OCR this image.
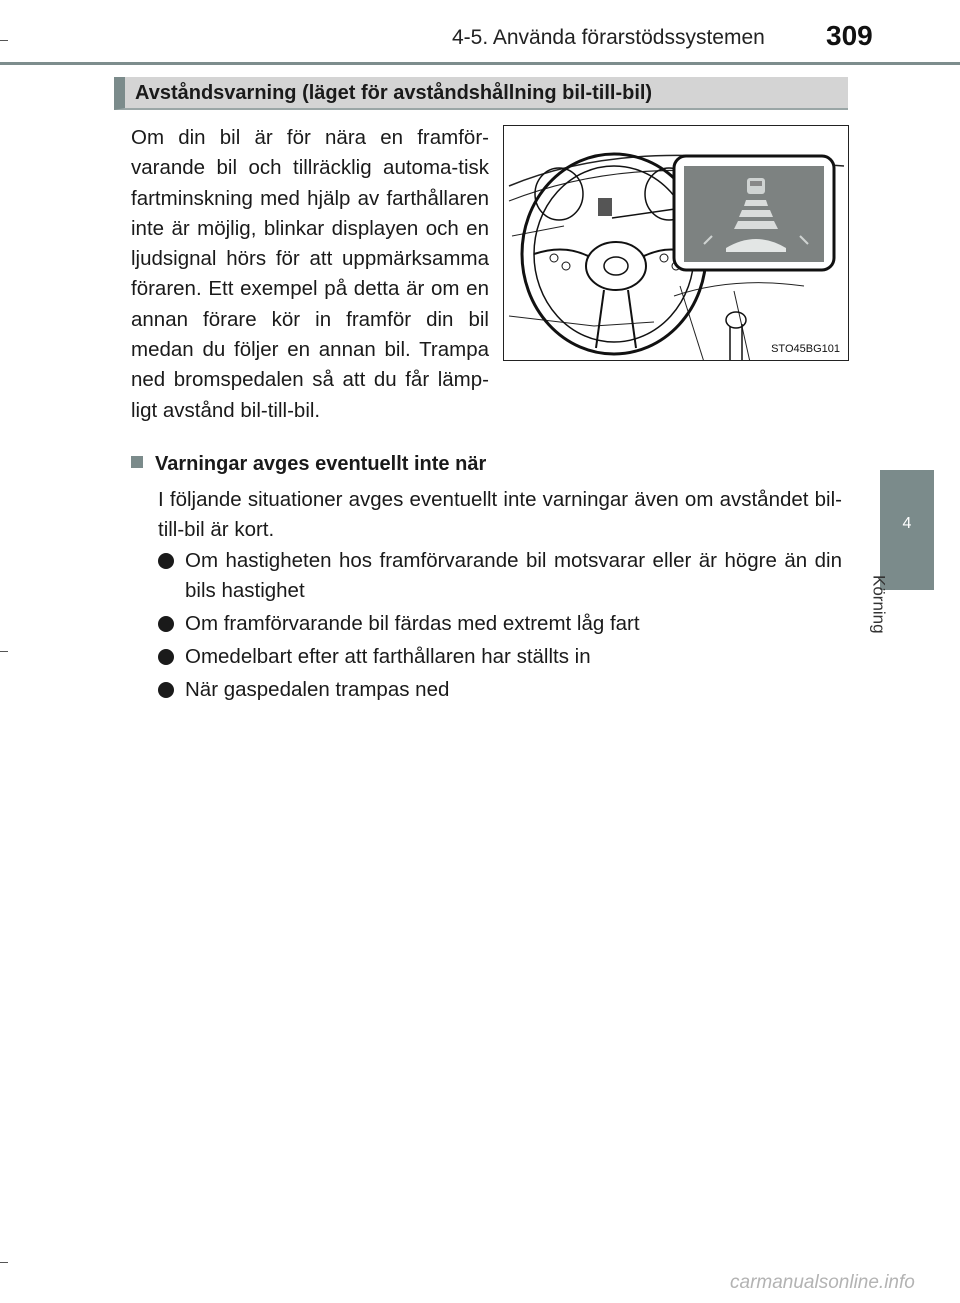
4-5. Använda förarstödssystemen 309
4
Körning
Avståndsvarning (läget för avståndshållning bil-till-bil)

Om din bil är för nära en framför-varande bil och tillräcklig automa-tisk fartminskning med hjälp av farthållaren inte är möjlig, blinkar displayen och en ljudsignal hörs för att uppmärksamma föraren. Ett exempel på detta är om en annan förare kör in framför din bil medan du följer en annan bil. Trampa ned bromspedalen så att du får lämp-ligt avstånd bil-till-bil.

STO45BG101
Varningar avges eventuellt inte när

I följande situationer avges eventuellt inte varningar även om avståndet bil-till-bil är kort.

Om hastigheten hos framförvarande bil motsvarar eller är högre än din bils hastighet
Om framförvarande bil färdas med extremt låg fart
Omedelbart efter att farthållaren har ställts in
När gaspedalen trampas ned
carmanualsonline.info
